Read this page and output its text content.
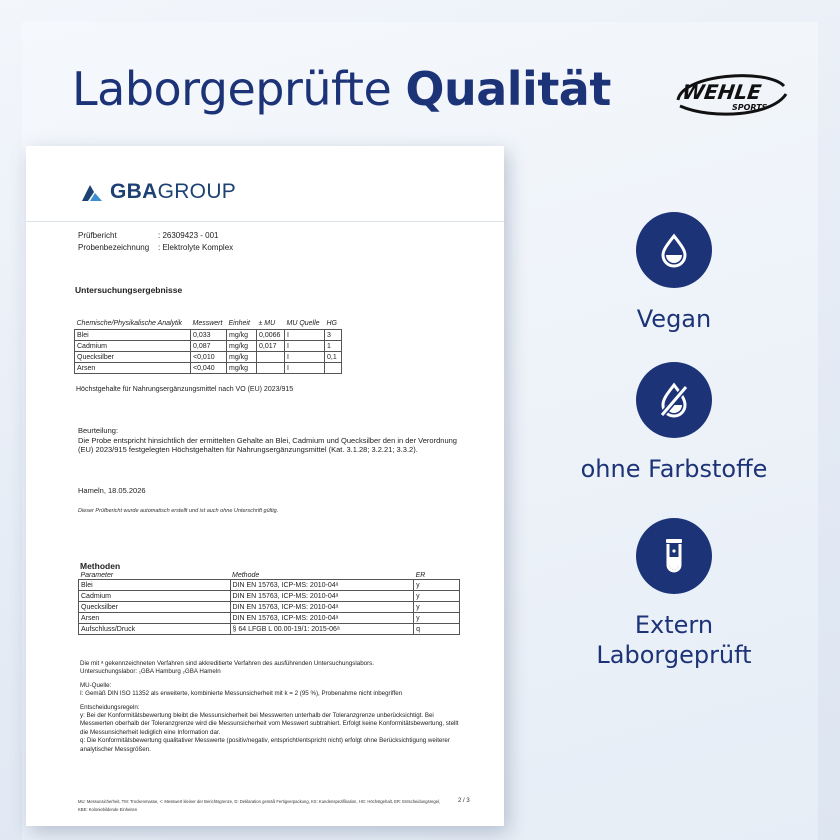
Laborgeprüfte Qualität	WEHLE
SPORTS
GBAGROUP
Prüfbericht	: 26309423 - 001
Probenbezeichnung	: Elektrolyte Komplex
Untersuchungsergebnisse
Chemische/Physikalische Analytik	Messwert	Einheit	± MU	MU Quelle	HG
Blei	0,033	mg/kg	0,0066	I	3
Cadmium	0,087	mg/kg	0,017	I	1
Quecksilber	<0,010	mg/kg		I	0,1
Arsen	<0,040	mg/kg		I	
Höchstgehalte für Nahrungsergänzungsmittel nach VO (EU) 2023/915
Beurteilung:
Die Probe entspricht hinsichtlich der ermittelten Gehalte an Blei, Cadmium und Quecksilber den in der Verordnung (EU) 2023/915 festgelegten Höchstgehalten für Nahrungsergänzungsmittel (Kat. 3.1.28; 3.2.21; 3.3.2).
Hameln, 18.05.2026
Dieser Prüfbericht wurde automatisch erstellt und ist auch ohne Unterschrift gültig.
Methoden
Parameter	Methode	ER
Blei	DIN EN 15763, ICP-MS: 2010-04ᵃ	y
Cadmium	DIN EN 15763, ICP-MS: 2010-04ᵃ	y
Quecksilber	DIN EN 15763, ICP-MS: 2010-04ᵃ	y
Arsen	DIN EN 15763, ICP-MS: 2010-04ᵃ	y
Aufschluss/Druck	§ 64 LFGB L 00.00-19/1: 2015-06ᵃ	q

Die mit ᵃ gekennzeichneten Verfahren sind akkreditierte Verfahren des ausführenden Untersuchungslabors.
Untersuchungslabor: ₁GBA Hamburg ₂GBA Hameln

MU-Quelle:
I: Gemäß DIN ISO 11352 als erweiterte, kombinierte Messunsicherheit mit k = 2 (95 %), Probenahme nicht inbegriffen

Entscheidungsregeln:
y: Bei der Konformitätsbewertung bleibt die Messunsicherheit bei Messwerten unterhalb der Toleranzgrenze unberücksichtigt. Bei Messwerten oberhalb der Toleranzgrenze wird die Messunsicherheit vom Messwert subtrahiert. Erfolgt keine Konformitätsbewertung, stellt die Messunsicherheit lediglich eine Information dar.
q: Die Konformitätsbewertung qualitativer Messwerte (positiv/negativ, entspricht/entspricht nicht) erfolgt ohne Berücksichtigung weiterer analytischer Messgrößen.

MU: Messunsicherheit, TM: Trockenmasse, <: Messwert kleiner der Berichtsgrenze, D: Deklaration gemäß Fertigverpackung, KS: Kundenspezifikation, HG: Höchstgehalt, ER: Entscheidungsregel, KBE: Koloniebildende Einheiten
2 / 3
Vegan
ohne Farbstoffe
Extern Laborgeprüft
